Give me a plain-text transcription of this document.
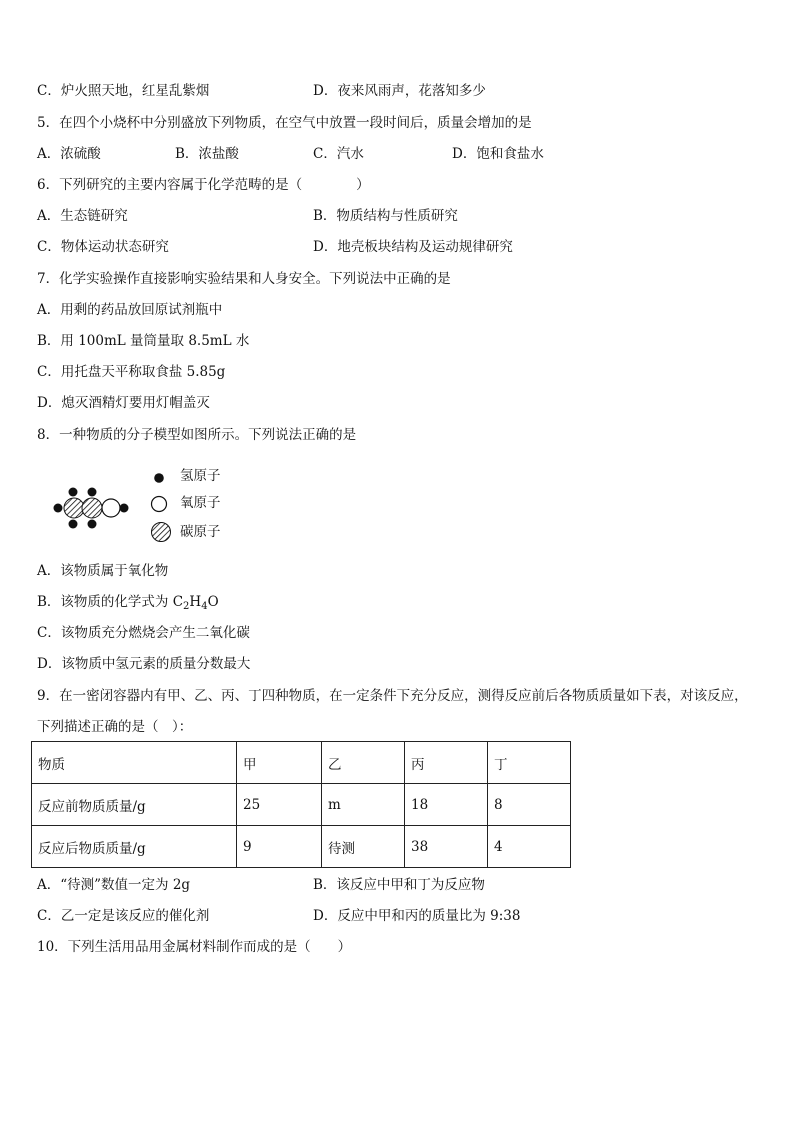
C．炉火照天地，红星乱紫烟	D．夜来风雨声，花落知多少
5．在四个小烧杯中分别盛放下列物质，在空气中放置一段时间后，质量会增加的是
A．浓硫酸	B．浓盐酸	C．汽水	D．饱和食盐水
6．下列研究的主要内容属于化学范畴的是（　　　　）
A．生态链研究	B．物质结构与性质研究
C．物体运动状态研究	D．地壳板块结构及运动规律研究
7．化学实验操作直接影响实验结果和人身安全。下列说法中正确的是
A．用剩的药品放回原试剂瓶中
B．用 100mL 量筒量取 8.5mL 水
C．用托盘天平称取食盐 5.85g
D．熄灭酒精灯要用灯帽盖灭
8．一种物质的分子模型如图所示。下列说法正确的是
氢原子
氧原子
碳原子
A．该物质属于氧化物
B．该物质的化学式为 $C_2H_4O$
C．该物质充分燃烧会产生二氧化碳
D．该物质中氢元素的质量分数最大
9．在一密闭容器内有甲、乙、丙、丁四种物质，在一定条件下充分反应，测得反应前后各物质质量如下表，对该反应，
下列描述正确的是（　）：
物质	甲	乙	丙	丁
反应前物质质量/g	25	m	18	8
反应后物质质量/g	9	待测	38	4
A．“待测”数值一定为 2g	B．该反应中甲和丁为反应物
C．乙一定是该反应的催化剂	D．反应中甲和丙的质量比为 9:38
10．下列生活用品用金属材料制作而成的是（　　）
